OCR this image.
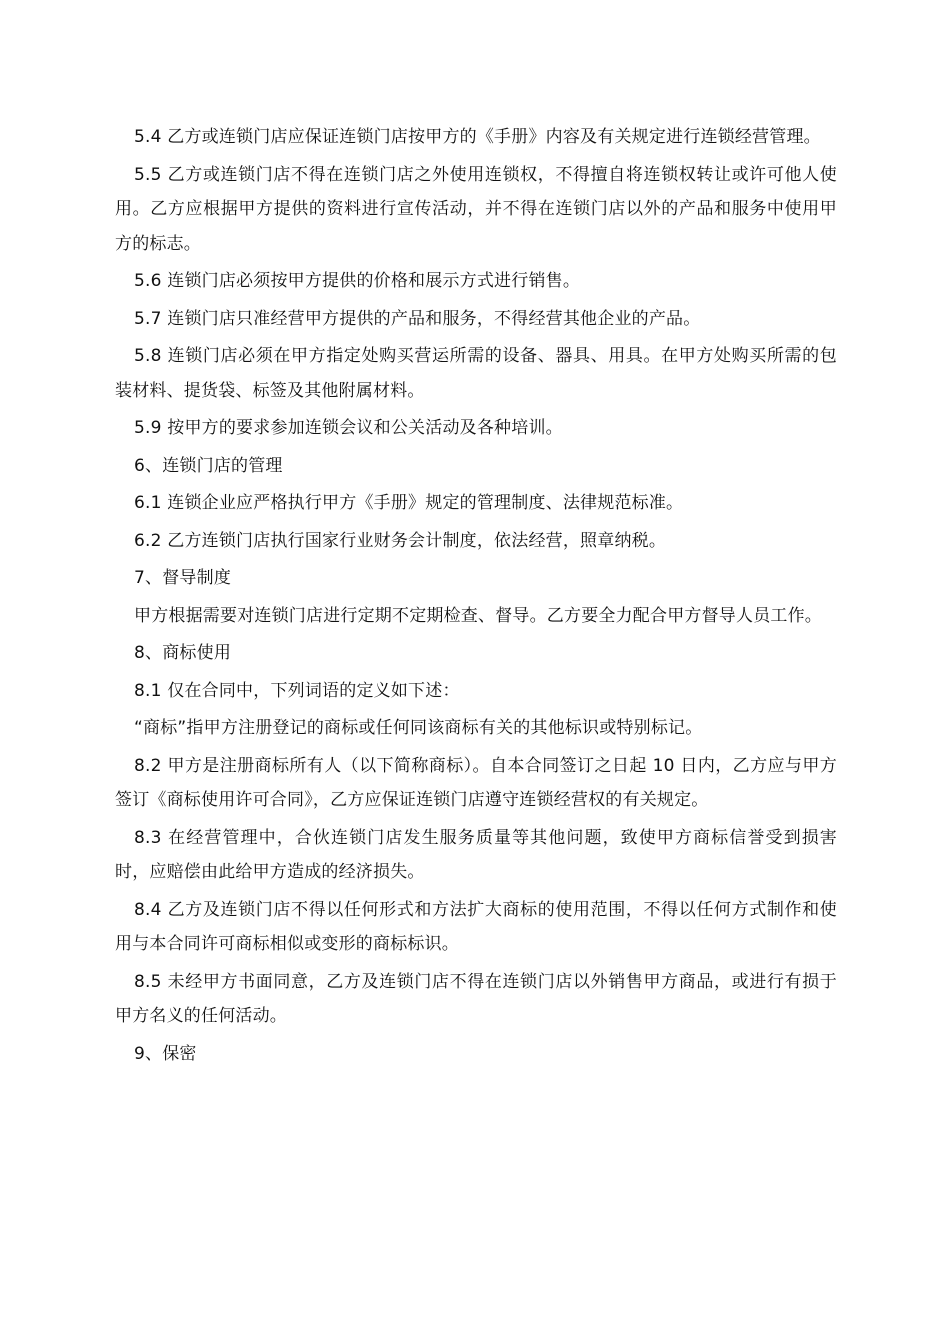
5.4 乙方或连锁门店应保证连锁门店按甲方的《手册》内容及有关规定进行连锁经营管理。

5.5 乙方或连锁门店不得在连锁门店之外使用连锁权，不得擅自将连锁权转让或许可他人使用。乙方应根据甲方提供的资料进行宣传活动，并不得在连锁门店以外的产品和服务中使用甲方的标志。

5.6 连锁门店必须按甲方提供的价格和展示方式进行销售。

5.7 连锁门店只准经营甲方提供的产品和服务，不得经营其他企业的产品。

5.8 连锁门店必须在甲方指定处购买营运所需的设备、器具、用具。在甲方处购买所需的包装材料、提货袋、标签及其他附属材料。

5.9 按甲方的要求参加连锁会议和公关活动及各种培训。

6、连锁门店的管理

6.1 连锁企业应严格执行甲方《手册》规定的管理制度、法律规范标准。

6.2 乙方连锁门店执行国家行业财务会计制度，依法经营，照章纳税。

7、督导制度

甲方根据需要对连锁门店进行定期不定期检查、督导。乙方要全力配合甲方督导人员工作。

8、商标使用

8.1 仅在合同中，下列词语的定义如下述：

“商标”指甲方注册登记的商标或任何同该商标有关的其他标识或特别标记。

8.2 甲方是注册商标所有人（以下简称商标）。自本合同签订之日起 10 日内，乙方应与甲方签订《商标使用许可合同》，乙方应保证连锁门店遵守连锁经营权的有关规定。

8.3 在经营管理中，合伙连锁门店发生服务质量等其他问题，致使甲方商标信誉受到损害时，应赔偿由此给甲方造成的经济损失。

8.4 乙方及连锁门店不得以任何形式和方法扩大商标的使用范围，不得以任何方式制作和使用与本合同许可商标相似或变形的商标标识。

8.5 未经甲方书面同意，乙方及连锁门店不得在连锁门店以外销售甲方商品，或进行有损于甲方名义的任何活动。

9、保密
